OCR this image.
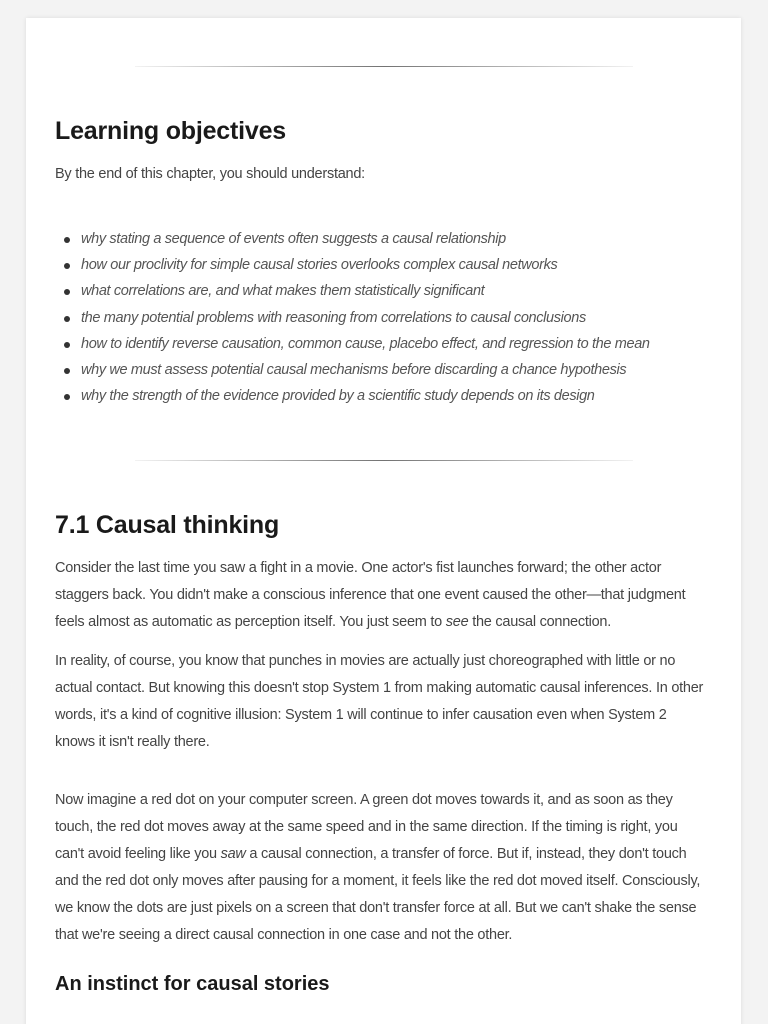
Learning objectives

By the end of this chapter, you should understand:

why stating a sequence of events often suggests a causal relationship
how our proclivity for simple causal stories overlooks complex causal networks
what correlations are, and what makes them statistically significant
the many potential problems with reasoning from correlations to causal conclusions
how to identify reverse causation, common cause, placebo effect, and regression to the mean
why we must assess potential causal mechanisms before discarding a chance hypothesis
why the strength of the evidence provided by a scientific study depends on its design
7.1 Causal thinking

Consider the last time you saw a fight in a movie. One actor's fist launches forward; the other actor staggers back. You didn't make a conscious inference that one event caused the other—that judgment feels almost as automatic as perception itself. You just seem to see the causal connection.

In reality, of course, you know that punches in movies are actually just choreographed with little or no actual contact. But knowing this doesn't stop System 1 from making automatic causal inferences. In other words, it's a kind of cognitive illusion: System 1 will continue to infer causation even when System 2 knows it isn't really there.

Now imagine a red dot on your computer screen. A green dot moves towards it, and as soon as they touch, the red dot moves away at the same speed and in the same direction. If the timing is right, you can't avoid feeling like you saw a causal connection, a transfer of force. But if, instead, they don't touch and the red dot only moves after pausing for a moment, it feels like the red dot moved itself. Consciously, we know the dots are just pixels on a screen that don't transfer force at all. But we can't shake the sense that we're seeing a direct causal connection in one case and not the other.

An instinct for causal stories
